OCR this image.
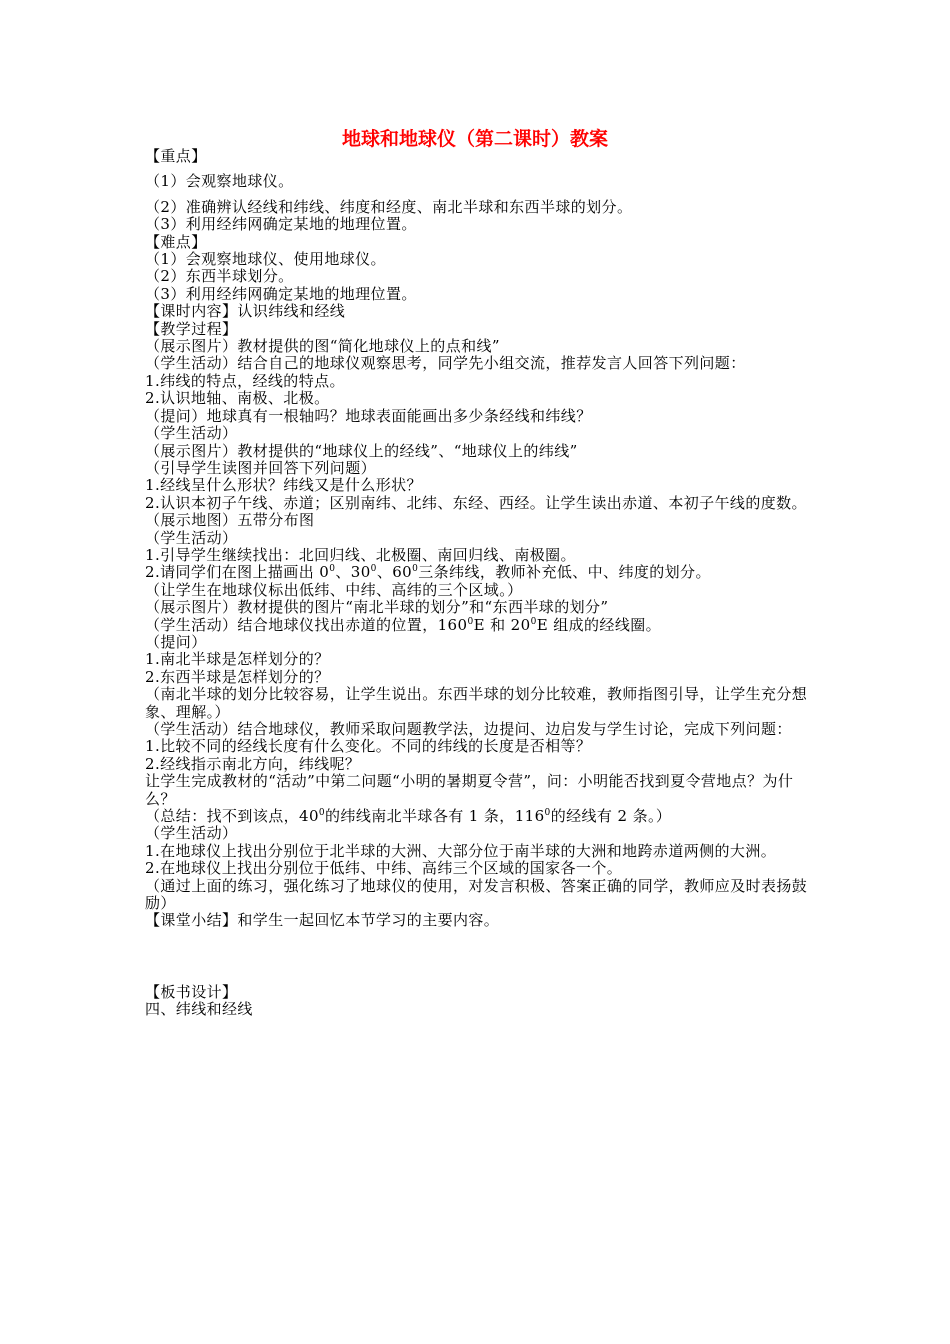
地球和地球仪（第二课时）教案
【重点】
（1）会观察地球仪。
（2）准确辨认经线和纬线、纬度和经度、南北半球和东西半球的划分。
（3）利用经纬网确定某地的地理位置。
【难点】
（1）会观察地球仪、使用地球仪。
（2）东西半球划分。
（3）利用经纬网确定某地的地理位置。
【课时内容】认识纬线和经线
【教学过程】
（展示图片）教材提供的图“简化地球仪上的点和线”
（学生活动）结合自己的地球仪观察思考，同学先小组交流，推荐发言人回答下列问题：
1.纬线的特点，经线的特点。
2.认识地轴、南极、北极。
（提问）地球真有一根轴吗？地球表面能画出多少条经线和纬线？
（学生活动）
（展示图片）教材提供的“地球仪上的经线”、“地球仪上的纬线”
（引导学生读图并回答下列问题）
1.经线呈什么形状？纬线又是什么形状？
2.认识本初子午线、赤道；区别南纬、北纬、东经、西经。让学生读出赤道、本初子午线的度数。
（展示地图）五带分布图
（学生活动）
1.引导学生继续找出：北回归线、北极圈、南回归线、南极圈。
2.请同学们在图上描画出 $0^0$、$30^0$、$60^0$三条纬线，教师补充低、中、纬度的划分。
（让学生在地球仪标出低纬、中纬、高纬的三个区域。）
（展示图片）教材提供的图片“南北半球的划分”和“东西半球的划分”
（学生活动）结合地球仪找出赤道的位置，$160^0E$ 和 $20^0E$ 组成的经线圈。
（提问）
1.南北半球是怎样划分的？
2.东西半球是怎样划分的？
（南北半球的划分比较容易，让学生说出。东西半球的划分比较难，教师指图引导，让学生充分想象、理解。）
（学生活动）结合地球仪，教师采取问题教学法，边提问、边启发与学生讨论，完成下列问题：
1.比较不同的经线长度有什么变化。不同的纬线的长度是否相等？
2.经线指示南北方向，纬线呢？
让学生完成教材的“活动”中第二问题“小明的暑期夏令营”，问：小明能否找到夏令营地点？为什么？
（总结：找不到该点，$40^0$的纬线南北半球各有 1 条，$116^0$的经线有 2 条。）
（学生活动）
1.在地球仪上找出分别位于北半球的大洲、大部分位于南半球的大洲和地跨赤道两侧的大洲。
2.在地球仪上找出分别位于低纬、中纬、高纬三个区域的国家各一个。
（通过上面的练习，强化练习了地球仪的使用，对发言积极、答案正确的同学，教师应及时表扬鼓励）
【课堂小结】和学生一起回忆本节学习的主要内容。
【板书设计】
四、纬线和经线
